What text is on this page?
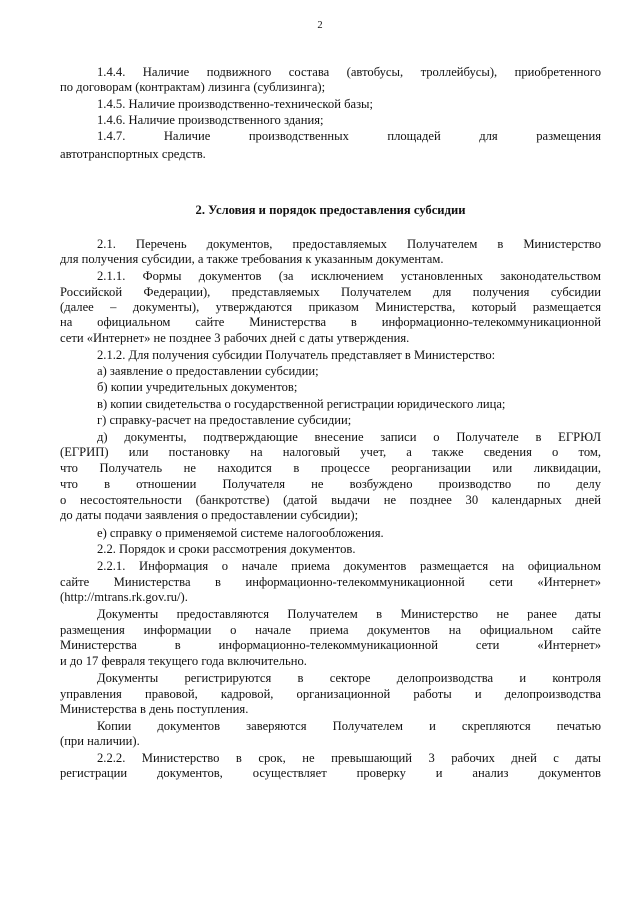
2
1.4.4. Наличие подвижного состава (автобусы, троллейбусы), приобретенного
по договорам (контрактам) лизинга (сублизинга);
1.4.5. Наличие производственно-технической базы;
1.4.6. Наличие производственного здания;
1.4.7. Наличие производственных площадей для размещения
автотранспортных средств.
2. Условия и порядок предоставления субсидии
2.1. Перечень документов, предоставляемых Получателем в Министерство
для получения субсидии, а также требования к указанным документам.
2.1.1. Формы документов (за исключением установленных законодательством
Российской Федерации), представляемых Получателем для получения субсидии
(далее – документы), утверждаются приказом Министерства, который размещается
на официальном сайте Министерства в информационно-телекоммуникационной
сети «Интернет» не позднее 3 рабочих дней с даты утверждения.
2.1.2. Для получения субсидии Получатель представляет в Министерство:
а) заявление о предоставлении субсидии;
б) копии учредительных документов;
в) копии свидетельства о государственной регистрации юридического лица;
г) справку-расчет на предоставление субсидии;
д) документы, подтверждающие внесение записи о Получателе в ЕГРЮЛ
(ЕГРИП) или постановку на налоговый учет, а также сведения о том,
что Получатель не находится в процессе реорганизации или ликвидации,
что в отношении Получателя не возбуждено производство по делу
о несостоятельности (банкротстве) (датой выдачи не позднее 30 календарных дней
до даты подачи заявления о предоставлении субсидии);
е) справку о применяемой системе налогообложения.
2.2. Порядок и сроки рассмотрения документов.
2.2.1. Информация о начале приема документов размещается на официальном
сайте Министерства в информационно-телекоммуникационной сети «Интернет»
(http://mtrans.rk.gov.ru/).
Документы предоставляются Получателем в Министерство не ранее даты
размещения информации о начале приема документов на официальном сайте
Министерства в информационно-телекоммуникационной сети «Интернет»
и до 17 февраля текущего года включительно.
Документы регистрируются в секторе делопроизводства и контроля
управления правовой, кадровой, организационной работы и делопроизводства
Министерства в день поступления.
Копии документов заверяются Получателем и скрепляются печатью
(при наличии).
2.2.2. Министерство в срок, не превышающий 3 рабочих дней с даты
регистрации документов, осуществляет проверку и анализ документов
